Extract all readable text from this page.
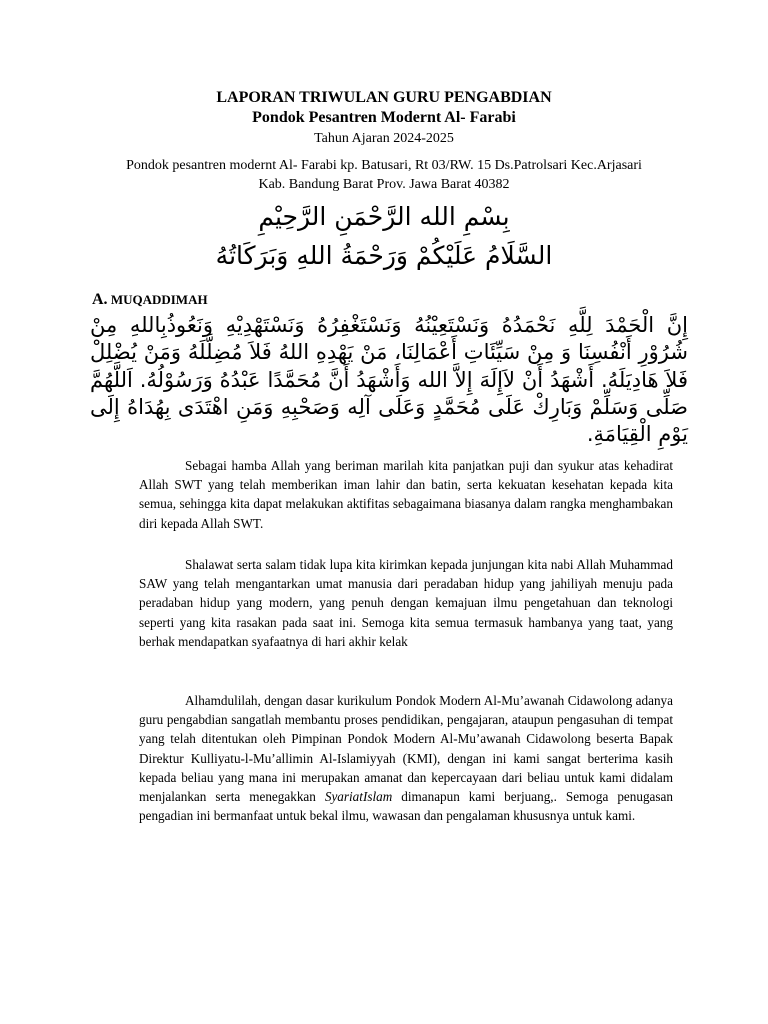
LAPORAN TRIWULAN GURU PENGABDIAN
Pondok Pesantren Modernt Al- Farabi
Tahun Ajaran 2024-2025
Pondok pesantren modernt Al- Farabi kp. Batusari, Rt 03/RW. 15 Ds.Patrolsari Kec.Arjasari
Kab. Bandung Barat Prov. Jawa Barat 40382
بِسْمِ الله الرَّحْمَنِ الرَّحِيْمِ
السَّلَامُ عَلَيْكُمْ وَرَحْمَةُ اللهِ وَبَرَكَاتُهُ
A. MUQADDIMAH
إِنَّ الْحَمْدَ لِلَّهِ نَحْمَدُهُ وَنَسْتَعِيْنُهُ وَنَسْتَغْفِرُهُ وَنَسْتَهْدِيْهِ وَنَعُوذُبِاللهِ مِنْ شُرُوْرِ أَنْفُسِنَا وَ مِنْ سَيِّئَاتِ أَعْمَالِنَا، مَنْ يَهْدِهِ اللهُ فَلاَ مُضِلَّلَهُ وَمَنْ يُضْلِلْ فَلاَ هَادِيَلَهُ. أَشْهَدُ أَنْ لاَإِلَهَ إِلاَّ الله وَأَشْهَدُ أَنَّ مُحَمَّدًا عَبْدُهُ وَرَسُوْلُهُ. اَللَّهُمَّ صَلِّى وَسَلِّمْ وَبَارِكْ عَلَى مُحَمَّدٍ وَعَلَى آلِه وَصَحْبِهِ وَمَنِ اهْتَدَى بِهُدَاهُ إِلَى يَوْمِ الْقِيَامَةِ.

Sebagai hamba Allah yang beriman marilah kita panjatkan puji dan syukur atas kehadirat Allah SWT yang telah memberikan iman lahir dan batin, serta kekuatan kesehatan kepada kita semua, sehingga kita dapat melakukan aktifitas sebagaimana biasanya dalam rangka menghambakan diri kepada Allah SWT.

Shalawat serta salam tidak lupa kita kirimkan kepada junjungan kita nabi Allah Muhammad SAW yang telah mengantarkan umat manusia dari peradaban hidup yang jahiliyah menuju pada peradaban hidup yang modern, yang penuh dengan kemajuan ilmu pengetahuan dan teknologi seperti yang kita rasakan pada saat ini. Semoga kita semua termasuk hambanya yang taat, yang berhak mendapatkan syafaatnya di hari akhir kelak

Alhamdulilah, dengan dasar kurikulum Pondok Modern Al-Mu’awanah Cidawolong adanya guru pengabdian sangatlah membantu proses pendidikan, pengajaran, ataupun pengasuhan di tempat yang telah ditentukan oleh Pimpinan Pondok Modern Al-Mu’awanah Cidawolong beserta Bapak Direktur Kulliyatu-l-Mu’allimin Al-Islamiyyah (KMI), dengan ini kami sangat berterima kasih kepada beliau yang mana ini merupakan amanat dan kepercayaan dari beliau untuk kami didalam menjalankan serta menegakkan SyariatIslam dimanapun kami berjuang,. Semoga penugasan pengadian ini bermanfaat untuk bekal ilmu, wawasan dan pengalaman khususnya untuk kami.
